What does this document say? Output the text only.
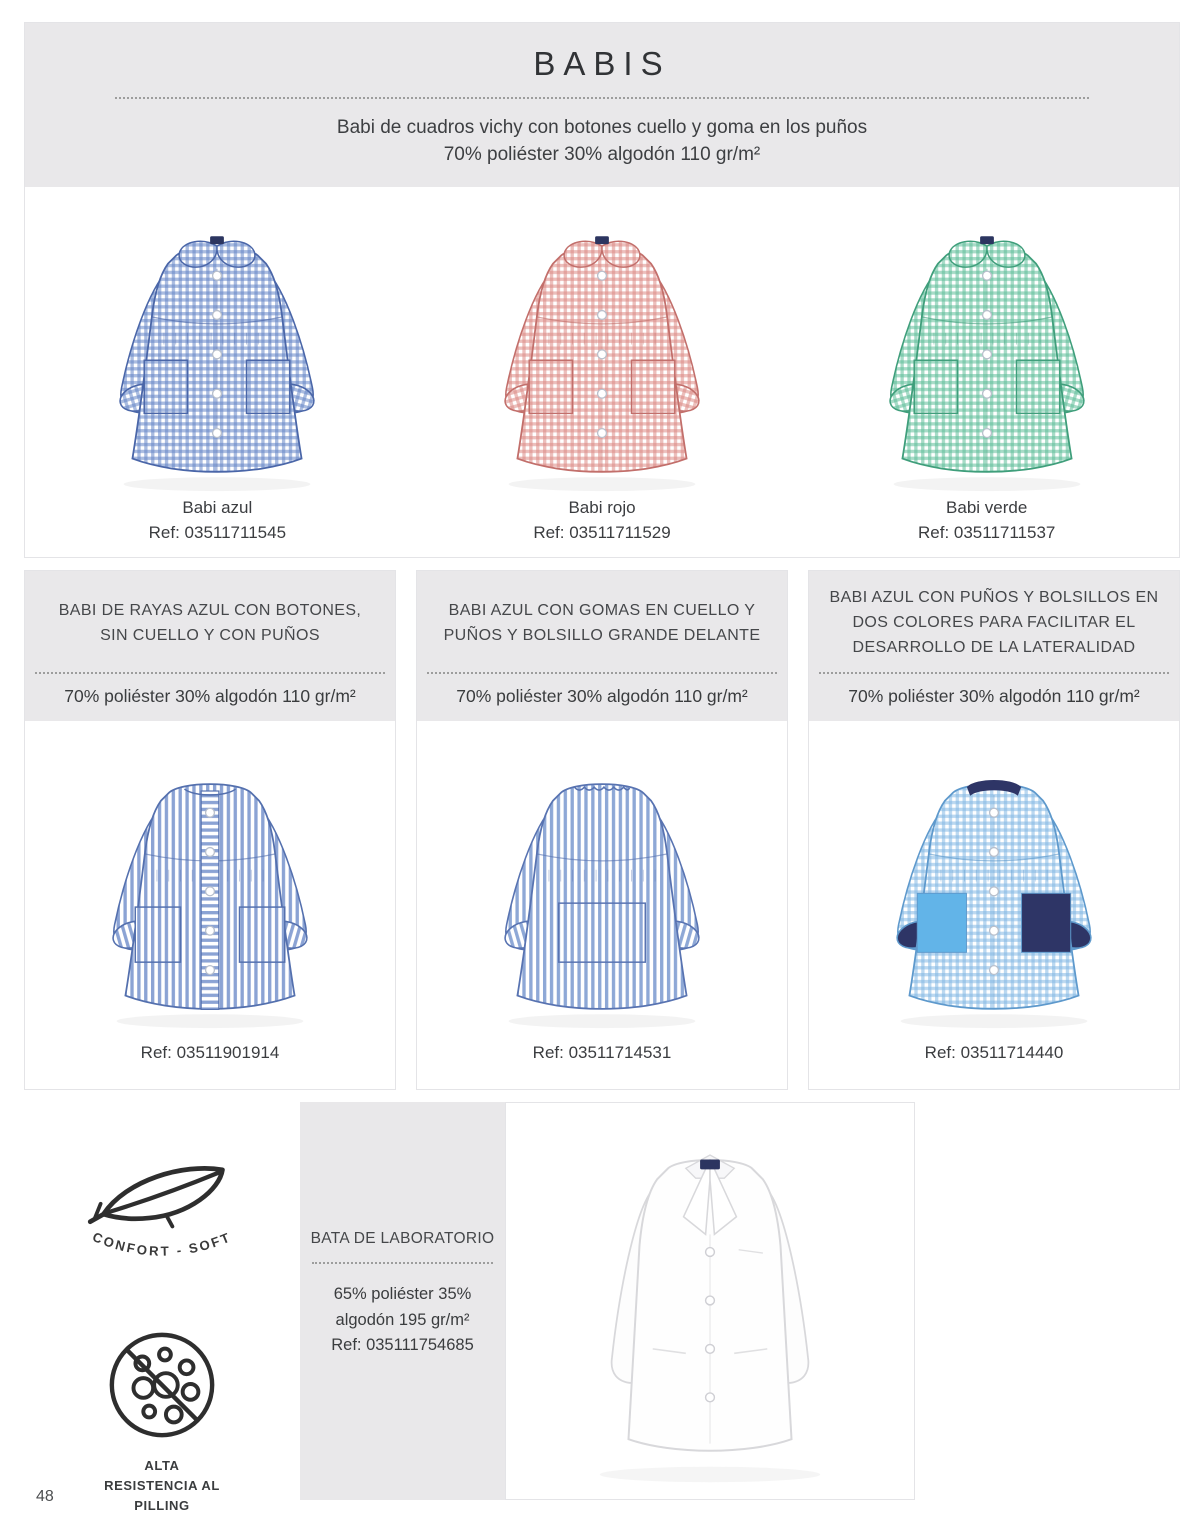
BABIS

Babi de cuadros vichy con botones cuello y goma en los puños
70% poliéster 30% algodón 110 gr/m²

Babi azul
Ref: 03511711545
Babi rojo
Ref: 03511711529
Babi verde
Ref: 03511711537
BABI DE RAYAS AZUL CON BOTONES, SIN CUELLO Y CON PUÑOS
70% poliéster 30% algodón 110 gr/m²
Ref: 03511901914
BABI AZUL CON GOMAS EN CUELLO Y PUÑOS Y BOLSILLO GRANDE DELANTE
70% poliéster 30% algodón 110 gr/m²
Ref: 03511714531
BABI AZUL CON PUÑOS Y BOLSILLOS EN DOS COLORES PARA FACILITAR EL DESARROLLO DE LA LATERALIDAD
70% poliéster 30% algodón 110 gr/m²
Ref: 03511714440
CONFORT - SOFT
ALTA RESISTENCIA AL PILLING
BATA DE LABORATORIO
65% poliéster 35%
algodón 195 gr/m²
Ref: 035111754685
48
